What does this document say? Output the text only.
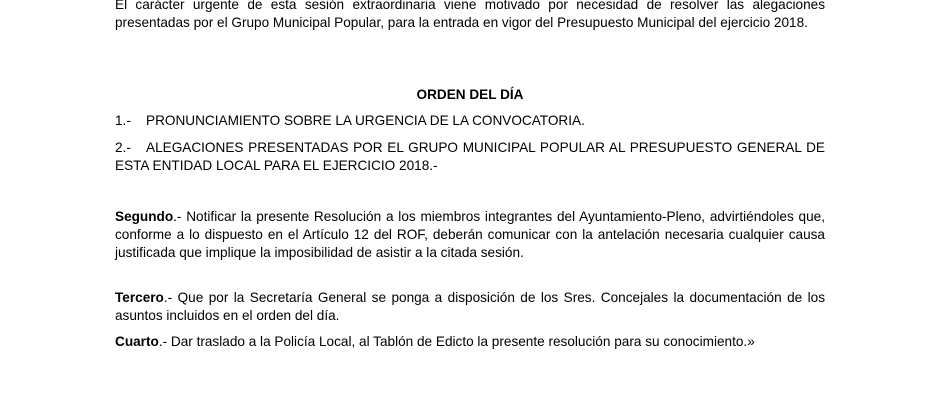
El carácter urgente de esta sesión extraordinaria viene motivado por necesidad de resolver las alegaciones presentadas por el Grupo Municipal Popular, para la entrada en vigor del Presupuesto Municipal del ejercicio 2018.

ORDEN DEL DÍA

1.- PRONUNCIAMIENTO SOBRE LA URGENCIA DE LA CONVOCATORIA.

2.- ALEGACIONES PRESENTADAS POR EL GRUPO MUNICIPAL POPULAR AL PRESUPUESTO GENERAL DE ESTA ENTIDAD LOCAL PARA EL EJERCICIO 2018.-

Segundo.- Notificar la presente Resolución a los miembros integrantes del Ayuntamiento-Pleno, advirtiéndoles que, conforme a lo dispuesto en el Artículo 12 del ROF, deberán comunicar con la antelación necesaria cualquier causa justificada que implique la imposibilidad de asistir a la citada sesión.

Tercero.- Que por la Secretaría General se ponga a disposición de los Sres. Concejales la documentación de los asuntos incluidos en el orden del día.

Cuarto.- Dar traslado a la Policía Local, al Tablón de Edicto la presente resolución para su conocimiento.»
